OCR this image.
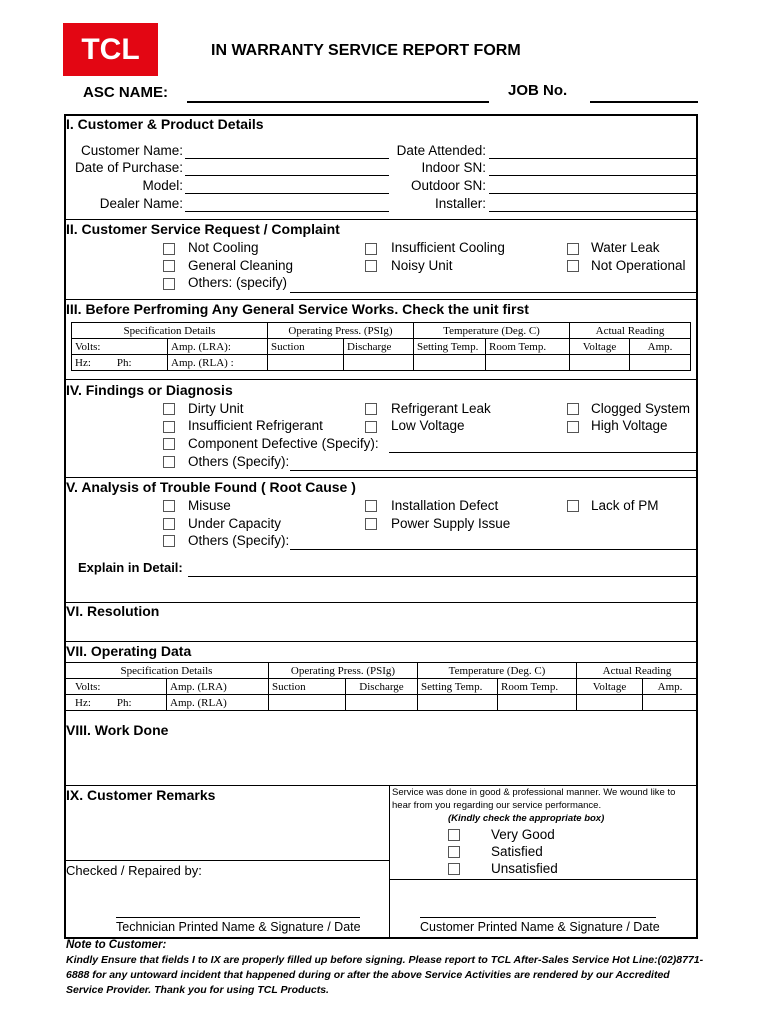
TCL	IN WARRANTY SERVICE REPORT FORM
ASC NAME:	JOB No.
I. Customer & Product Details
Customer Name:
Date of Purchase:
Model:
Dealer Name:
Date Attended:
Indoor SN:
Outdoor SN:
Installer:
II. Customer Service Request / Complaint
Not Cooling	Insufficient Cooling	Water Leak
General Cleaning	Noisy Unit	Not Operational
Others: (specify)
III. Before Perfroming Any General Service Works. Check the unit first
Specification Details		Operating Press. (PSIg)		Temperature (Deg. C)		Actual Reading	
Volts:	Amp. (LRA):	Suction	Discharge	Setting Temp.	Room Temp.	Voltage	Amp.
Hz: Ph:	Amp. (RLA) :						
IV. Findings or Diagnosis
Dirty Unit	Refrigerant Leak	Clogged System
Insufficient Refrigerant	Low Voltage	High Voltage
Component Defective (Specify):
Others (Specify):
V. Analysis of Trouble Found ( Root Cause )
Misuse	Installation Defect	Lack of PM
Under Capacity	Power Supply Issue
Others (Specify):
Explain in Detail:
VI. Resolution
VII. Operating Data
Specification Details		Operating Press. (PSIg)		Temperature (Deg. C)		Actual Reading	
Volts:	Amp. (LRA)	Suction	Discharge	Setting Temp.	Room Temp.	Voltage	Amp.
Hz: Ph:	Amp. (RLA)						
VIII. Work Done
IX. Customer Remarks	Service was done in good & professional manner. We wound like to hear from you regarding our service performance.
(Kindly check the appropriate box)
Very Good
Satisfied
Unsatisfied
Checked / Repaired by:
Technician Printed Name & Signature / Date	Customer Printed Name & Signature / Date
Note to Customer:
Kindly Ensure that fields I to IX are properly filled up before signing. Please report to TCL After-Sales Service Hot Line:(02)8771-6888 for any untoward incident that happened during or after the above Service Activities are rendered by our Accredited Service Provider. Thank you for using TCL Products.
